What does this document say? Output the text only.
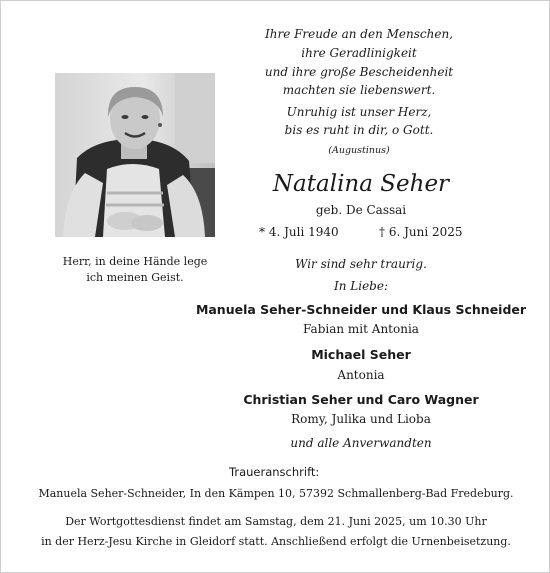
Ihre Freude an den Menschen,
ihre Geradlinigkeit
und ihre große Bescheidenheit
machten sie liebenswert.
Unruhig ist unser Herz,
bis es ruht in dir, o Gott.
(Augustinus)
Herr, in deine Hände lege
ich meinen Geist.
Natalina Seher
geb. De Cassai
* 4. Juli 1940	† 6. Juni 2025
Wir sind sehr traurig.
In Liebe:
Manuela Seher-Schneider und Klaus Schneider
Fabian mit Antonia
Michael Seher
Antonia
Christian Seher und Caro Wagner
Romy, Julika und Lioba
und alle Anverwandten
Traueranschrift:
Manuela Seher-Schneider, In den Kämpen 10, 57392 Schmallenberg-Bad Fredeburg.
Der Wortgottesdienst findet am Samstag, dem 21. Juni 2025, um 10.30 Uhr
in der Herz-Jesu Kirche in Gleidorf statt. Anschließend erfolgt die Urnenbeisetzung.
